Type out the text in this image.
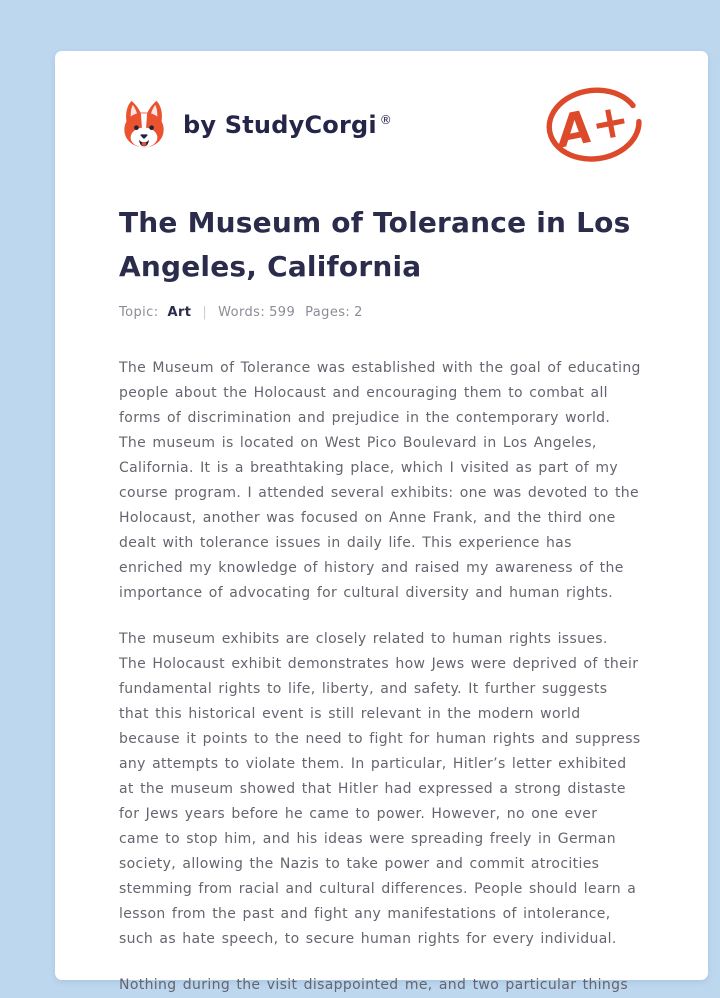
by StudyCorgi ®	A+
The Museum of Tolerance in Los Angeles, California
Topic: Art | Words: 599 Pages: 2

The Museum of Tolerance was established with the goal of educating people about the Holocaust and encouraging them to combat all forms of discrimination and prejudice in the contemporary world. The museum is located on West Pico Boulevard in Los Angeles, California. It is a breathtaking place, which I visited as part of my course program. I attended several exhibits: one was devoted to the Holocaust, another was focused on Anne Frank, and the third one dealt with tolerance issues in daily life. This experience has enriched my knowledge of history and raised my awareness of the importance of advocating for cultural diversity and human rights.

The museum exhibits are closely related to human rights issues. The Holocaust exhibit demonstrates how Jews were deprived of their fundamental rights to life, liberty, and safety. It further suggests that this historical event is still relevant in the modern world because it points to the need to fight for human rights and suppress any attempts to violate them. In particular, Hitler’s letter exhibited at the museum showed that Hitler had expressed a strong distaste for Jews years before he came to power. However, no one ever came to stop him, and his ideas were spreading freely in German society, allowing the Nazis to take power and commit atrocities stemming from racial and cultural differences. People should learn a lesson from the past and fight any manifestations of intolerance, such as hate speech, to secure human rights for every individual.

Nothing during the visit disappointed me, and two particular things
